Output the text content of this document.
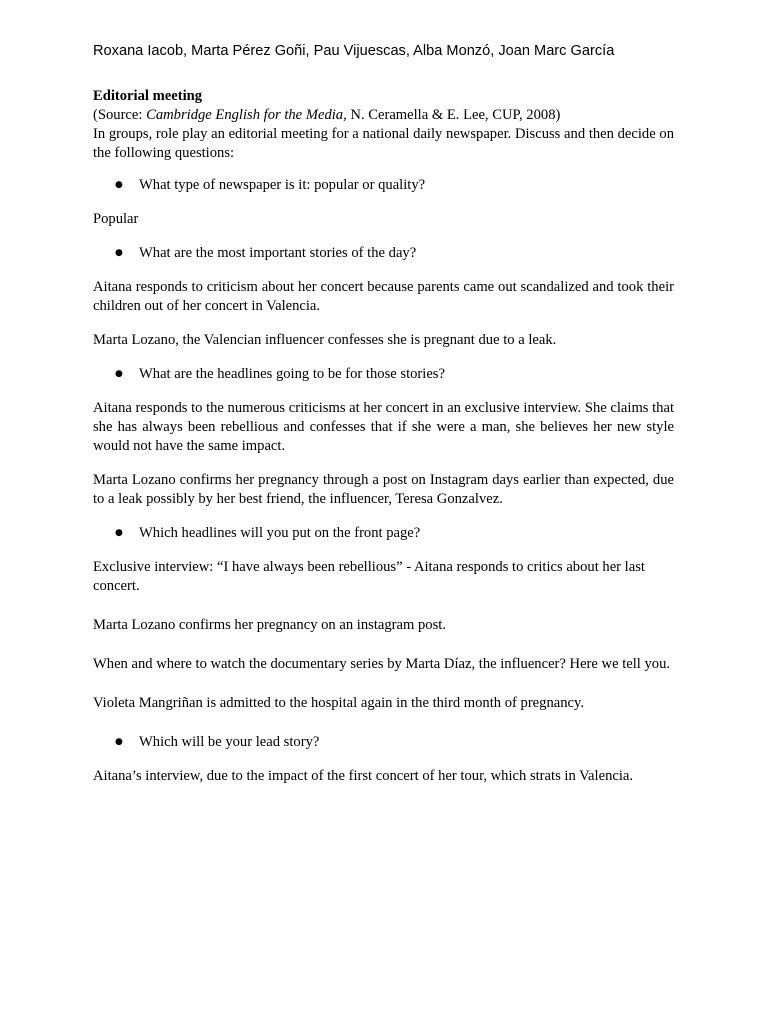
Roxana Iacob, Marta Pérez Goñi, Pau Vijuescas, Alba Monzó, Joan Marc García

Editorial meeting

(Source: Cambridge English for the Media, N. Ceramella & E. Lee, CUP, 2008)

In groups, role play an editorial meeting for a national daily newspaper. Discuss and then decide on the following questions:

● What type of newspaper is it: popular or quality?

Popular

● What are the most important stories of the day?

Aitana responds to criticism about her concert because parents came out scandalized and took their children out of her concert in Valencia.

Marta Lozano, the Valencian influencer confesses she is pregnant due to a leak.

● What are the headlines going to be for those stories?

Aitana responds to the numerous criticisms at her concert in an exclusive interview. She claims that she has always been rebellious and confesses that if she were a man, she believes her new style would not have the same impact.

Marta Lozano confirms her pregnancy through a post on Instagram days earlier than expected, due to a leak possibly by her best friend, the influencer, Teresa Gonzalvez.

● Which headlines will you put on the front page?

Exclusive interview: “I have always been rebellious” - Aitana responds to critics about her last concert.

Marta Lozano confirms her pregnancy on an instagram post.

When and where to watch the documentary series by Marta Díaz, the influencer? Here we tell you.

Violeta Mangriñan is admitted to the hospital again in the third month of pregnancy.

● Which will be your lead story?

Aitana’s interview, due to the impact of the first concert of her tour, which strats in Valencia.
